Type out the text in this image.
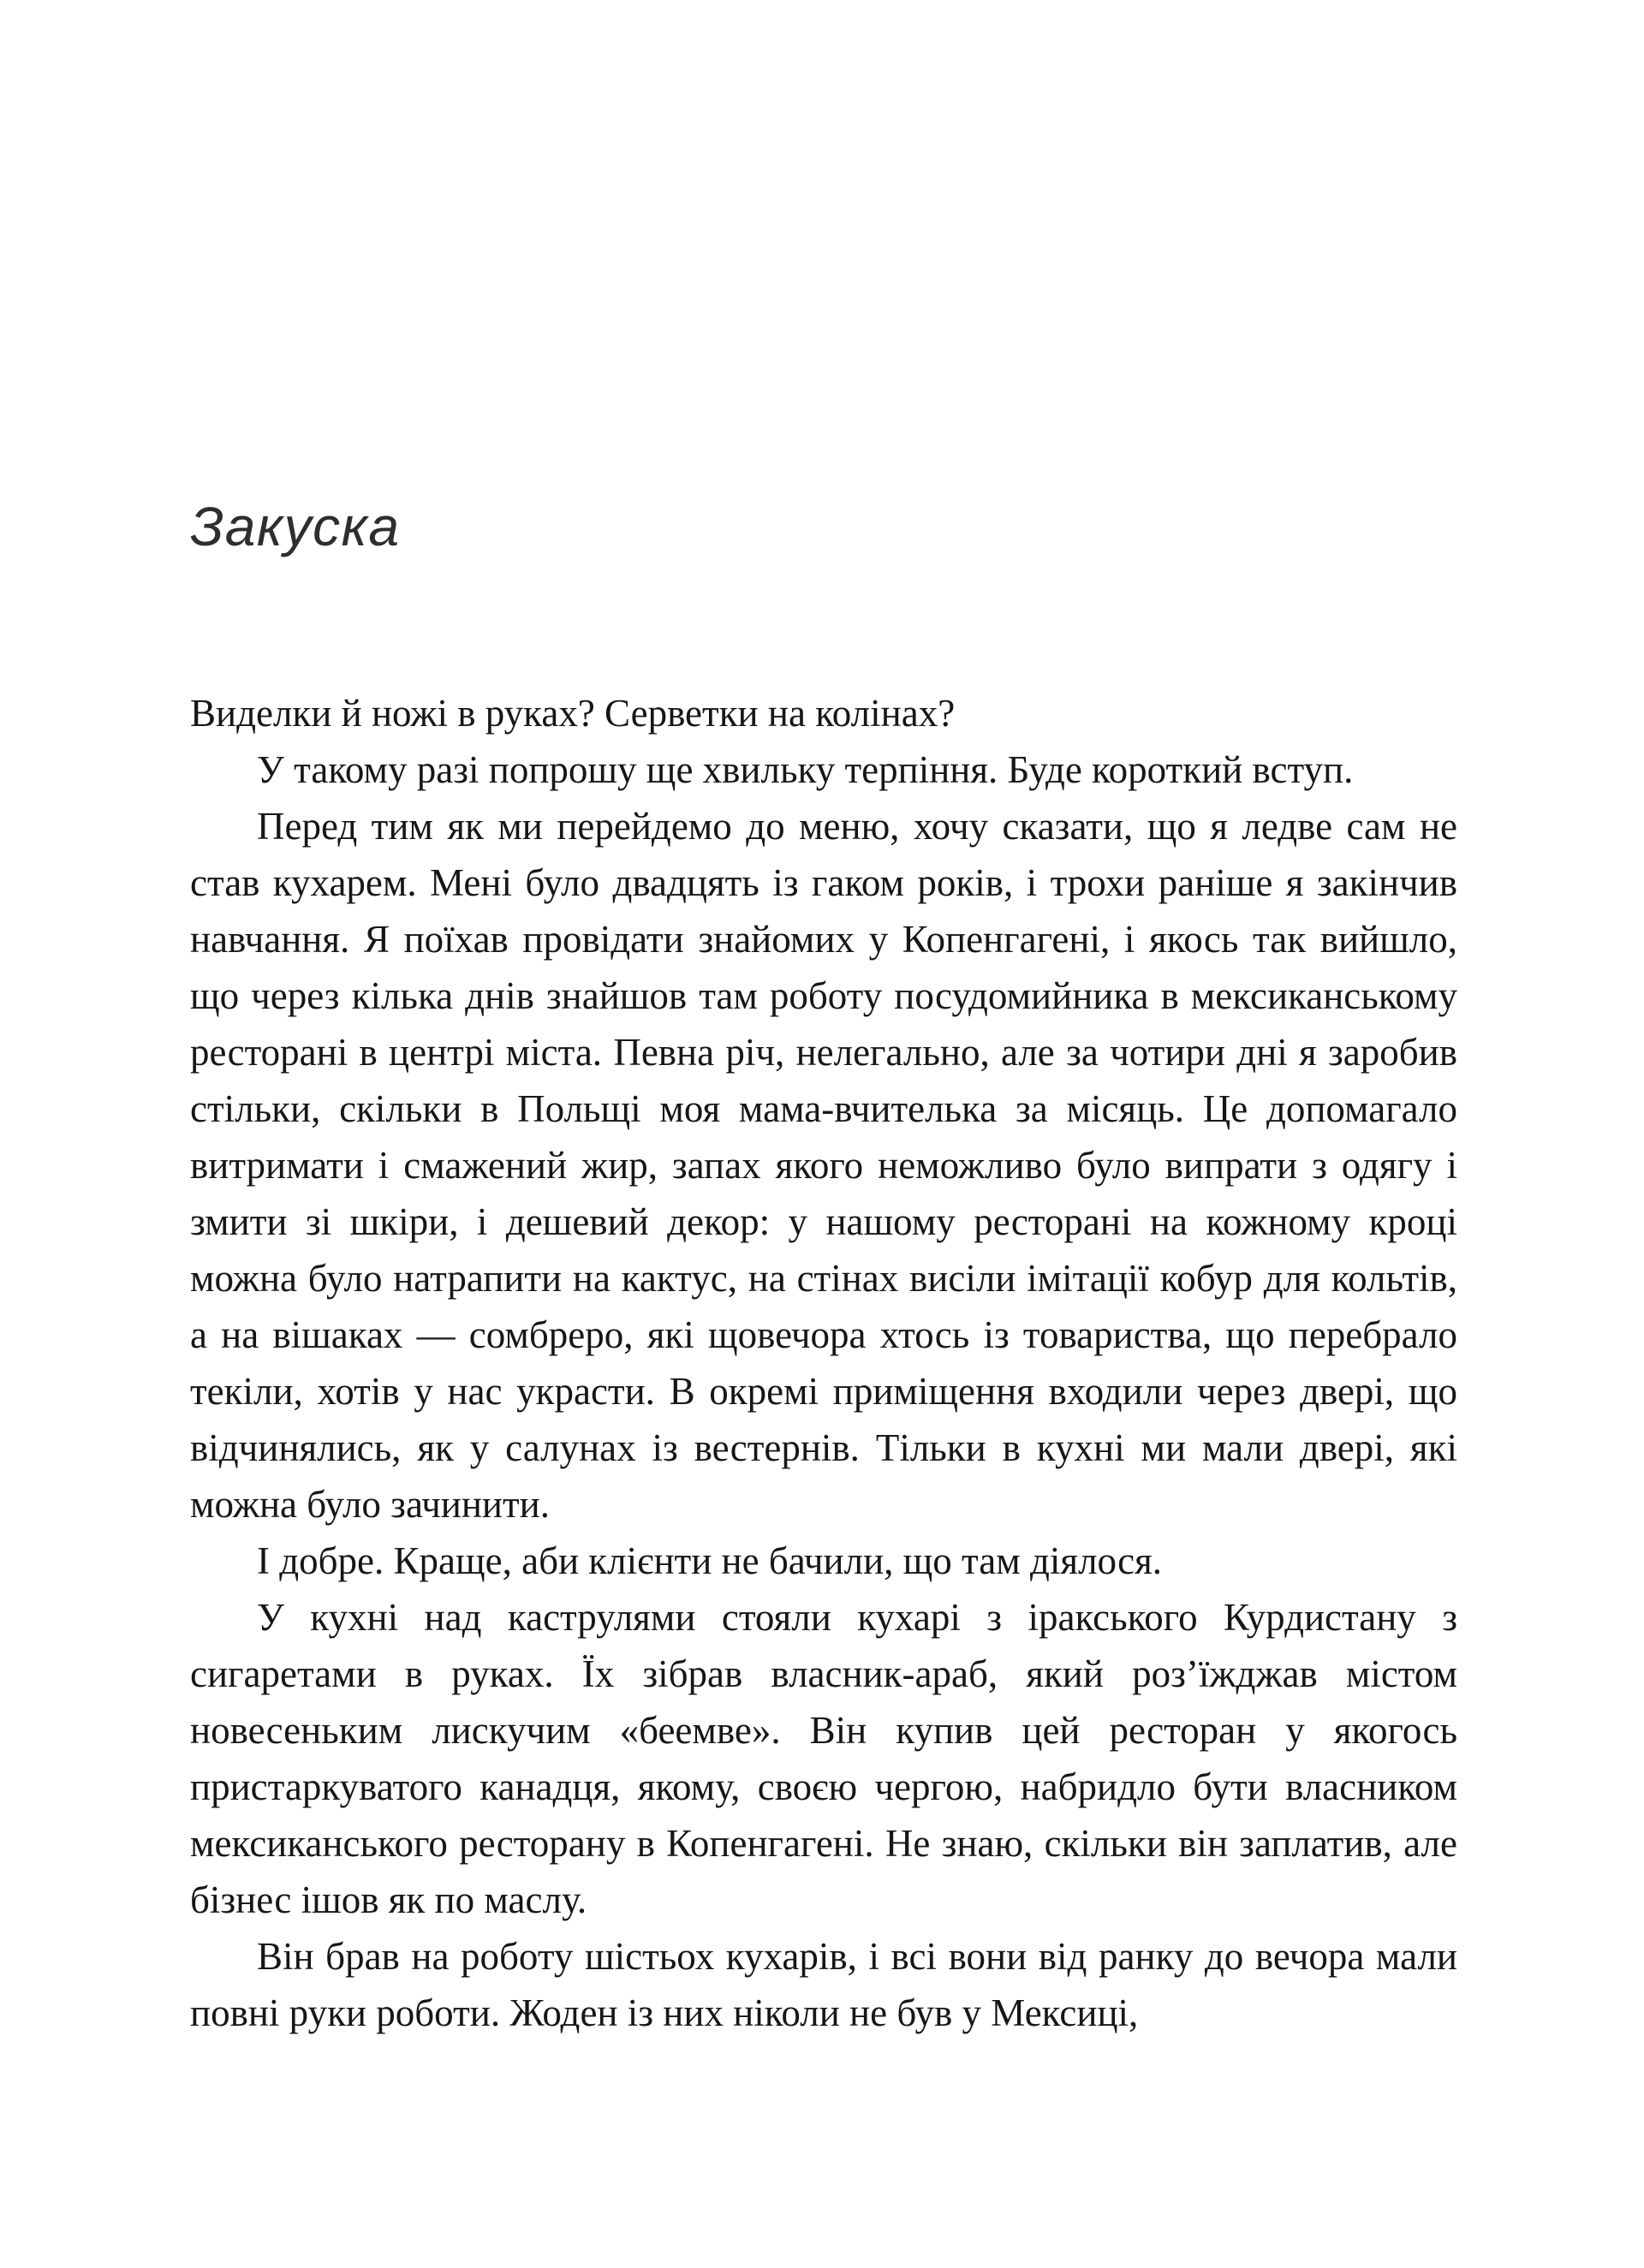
Закуска

Виделки й ножі в руках? Серветки на колінах?

У такому разі попрошу ще хвильку терпіння. Буде короткий вступ.

Перед тим як ми перейдемо до меню, хочу сказати, що я ледве сам не став кухарем. Мені було двадцять із гаком років, і трохи раніше я закінчив навчання. Я поїхав провідати знайомих у Копенгагені, і якось так вийшло, що через кілька днів знайшов там роботу посудомийника в мексиканському ресторані в центрі міста. Певна річ, нелегально, але за чотири дні я заробив стільки, скільки в Польщі моя мама-вчителька за місяць. Це допомагало витримати і смажений жир, запах якого неможливо було випрати з одягу і змити зі шкіри, і дешевий декор: у нашому ресторані на кожному кроці можна було натрапити на кактус, на стінах висіли імітації кобур для кольтів, а на вішаках — сомбреро, які щовечора хтось із товариства, що перебрало текіли, хотів у нас украсти. В окремі приміщення входили через двері, що відчинялись, як у салунах із вестернів. Тільки в кухні ми мали двері, які можна було зачинити.

І добре. Краще, аби клієнти не бачили, що там діялося.

У кухні над каструлями стояли кухарі з іракського Курдистану з сигаретами в руках. Їх зібрав власник-араб, який роз’їжджав містом новесеньким лискучим «беемве». Він купив цей ресторан у якогось пристаркуватого канадця, якому, своєю чергою, набридло бути власником мексиканського ресторану в Копенгагені. Не знаю, скільки він заплатив, але бізнес ішов як по маслу.

Він брав на роботу шістьох кухарів, і всі вони від ранку до вечора мали повні руки роботи. Жоден із них ніколи не був у Мексиці,
